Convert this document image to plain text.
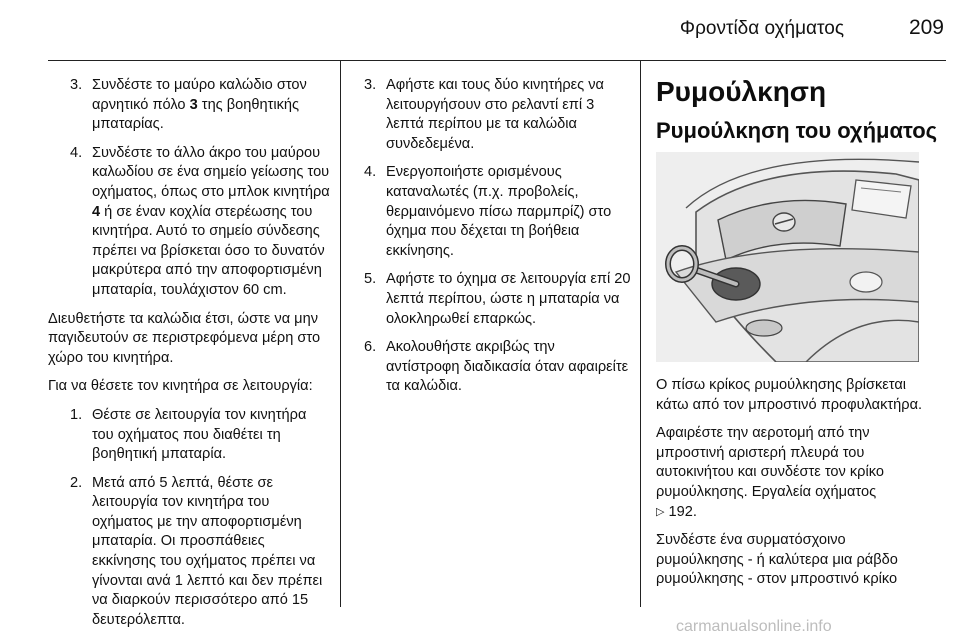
Φροντίδα οχήματος	209
3. Συνδέστε το μαύρο καλώδιο στον αρνητικό πόλο 3 της βοηθητικής μπαταρίας.
4. Συνδέστε το άλλο άκρο του μαύρου καλωδίου σε ένα σημείο γείωσης του οχήματος, όπως στο μπλοκ κινητήρα 4 ή σε έναν κοχλία στερέωσης του κινητήρα. Αυτό το σημείο σύνδεσης πρέπει να βρίσκεται όσο το δυνατόν μακρύτερα από την αποφορτισμένη μπαταρία, τουλάχιστον 60 cm.

Διευθετήστε τα καλώδια έτσι, ώστε να μην παγιδευτούν σε περιστρεφόμενα μέρη στο χώρο του κινητήρα.

Για να θέσετε τον κινητήρα σε λειτουργία:

1. Θέστε σε λειτουργία τον κινητήρα του οχήματος που διαθέτει τη βοηθητική μπαταρία.
2. Μετά από 5 λεπτά, θέστε σε λειτουργία τον κινητήρα του οχήματος με την αποφορτισμένη μπαταρία. Οι προσπάθειες εκκίνησης του οχήματος πρέπει να γίνονται ανά 1 λεπτό και δεν πρέπει να διαρκούν περισσότερο από 15 δευτερόλεπτα.
3. Αφήστε και τους δύο κινητήρες να λειτουργήσουν στο ρελαντί επί 3 λεπτά περίπου με τα καλώδια συνδεδεμένα.
4. Ενεργοποιήστε ορισμένους καταναλωτές (π.χ. προβολείς, θερμαινόμενο πίσω παρμπρίζ) στο όχημα που δέχεται τη βοήθεια εκκίνησης.
5. Αφήστε το όχημα σε λειτουργία επί 20 λεπτά περίπου, ώστε η μπαταρία να ολοκληρωθεί επαρκώς.
6. Ακολουθήστε ακριβώς την αντίστροφη διαδικασία όταν αφαιρείτε τα καλώδια.
Ρυμούλκηση
Ρυμούλκηση του οχήματος

Ο πίσω κρίκος ρυμούλκησης βρίσκεται κάτω από τον μπροστινό προφυλακτήρα.

Αφαιρέστε την αεροτομή από την μπροστινή αριστερή πλευρά του αυτοκινήτου και συνδέστε τον κρίκο ρυμούλκησης. Εργαλεία οχήματος
▷ 192.

Συνδέστε ένα συρματόσχοινο ρυμούλκησης - ή καλύτερα μια ράβδο ρυμούλκησης - στον μπροστινό κρίκο

carmanualsonline.info
